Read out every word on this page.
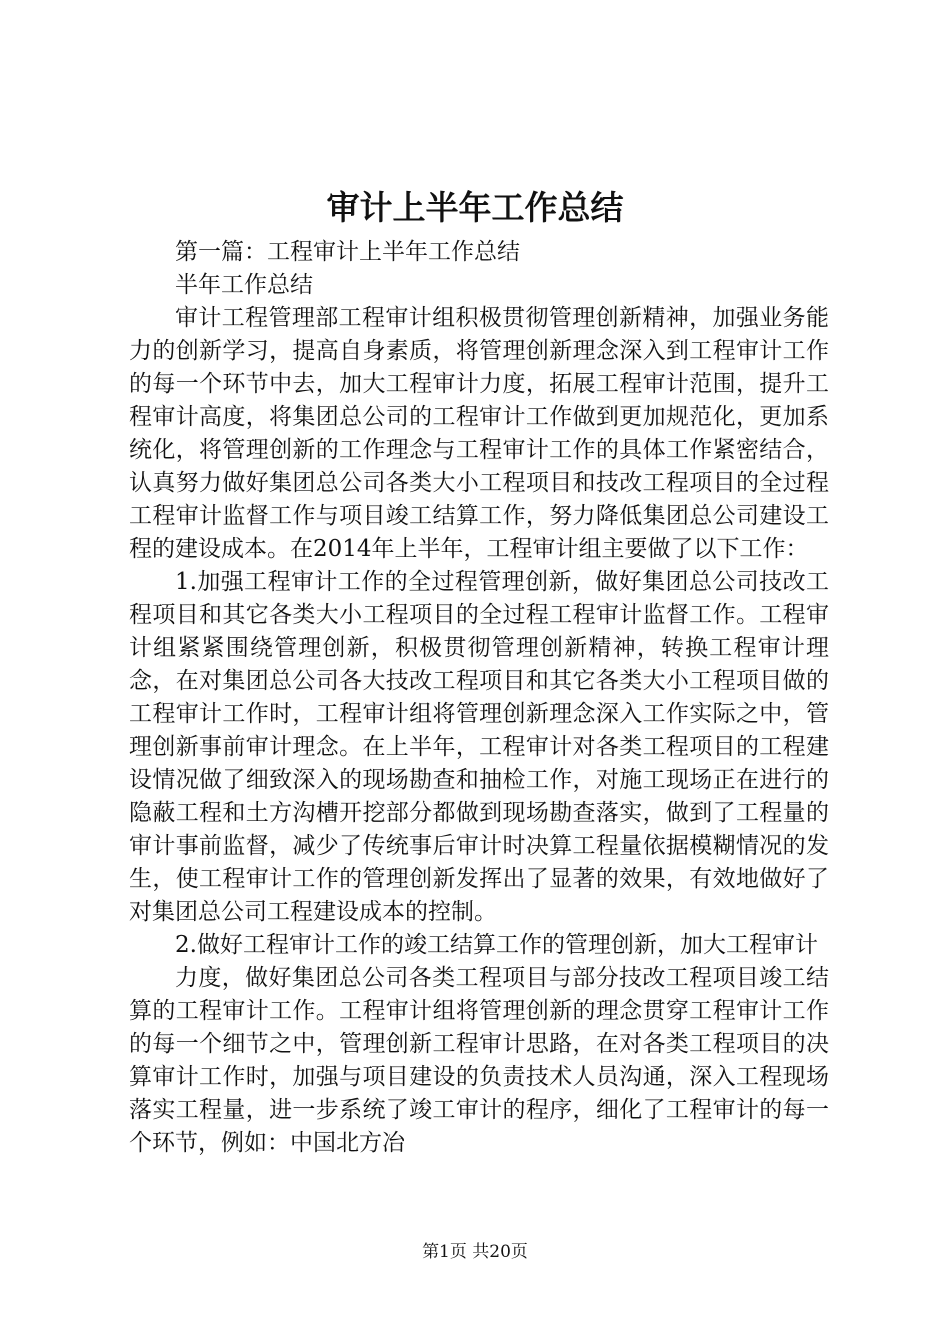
审计上半年工作总结

第一篇：工程审计上半年工作总结

半年工作总结

审计工程管理部工程审计组积极贯彻管理创新精神，加强业务能力的创新学习，提高自身素质，将管理创新理念深入到工程审计工作的每一个环节中去，加大工程审计力度，拓展工程审计范围，提升工程审计高度，将集团总公司的工程审计工作做到更加规范化，更加系统化，将管理创新的工作理念与工程审计工作的具体工作紧密结合，认真努力做好集团总公司各类大小工程项目和技改工程项目的全过程工程审计监督工作与项目竣工结算工作，努力降低集团总公司建设工程的建设成本。在2014年上半年，工程审计组主要做了以下工作：

1.加强工程审计工作的全过程管理创新，做好集团总公司技改工程项目和其它各类大小工程项目的全过程工程审计监督工作。工程审计组紧紧围绕管理创新，积极贯彻管理创新精神，转换工程审计理念，在对集团总公司各大技改工程项目和其它各类大小工程项目做的工程审计工作时，工程审计组将管理创新理念深入工作实际之中，管理创新事前审计理念。在上半年，工程审计对各类工程项目的工程建设情况做了细致深入的现场勘查和抽检工作，对施工现场正在进行的隐蔽工程和土方沟槽开挖部分都做到现场勘查落实，做到了工程量的审计事前监督，减少了传统事后审计时决算工程量依据模糊情况的发生，使工程审计工作的管理创新发挥出了显著的效果，有效地做好了对集团总公司工程建设成本的控制。

2.做好工程审计工作的竣工结算工作的管理创新，加大工程审计

力度，做好集团总公司各类工程项目与部分技改工程项目竣工结算的工程审计工作。工程审计组将管理创新的理念贯穿工程审计工作的每一个细节之中，管理创新工程审计思路，在对各类工程项目的决算审计工作时，加强与项目建设的负责技术人员沟通，深入工程现场落实工程量，进一步系统了竣工审计的程序，细化了工程审计的每一个环节，例如：中国北方冶

第1页 共20页
